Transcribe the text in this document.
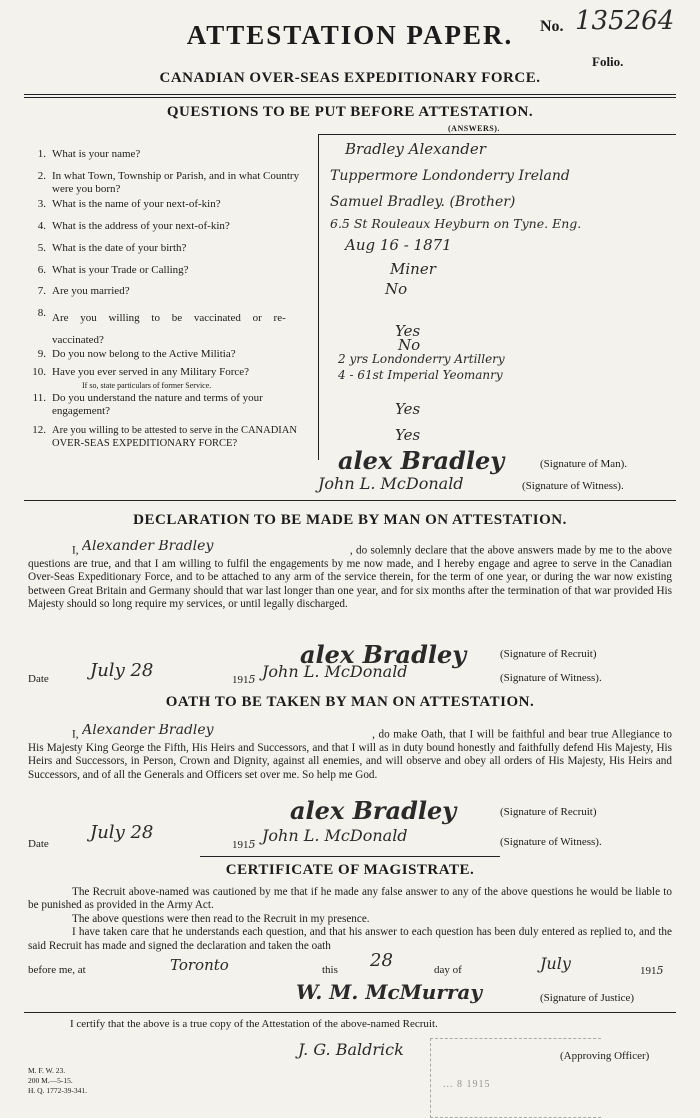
ATTESTATION PAPER.	No. 135264
Folio.
CANADIAN OVER-SEAS EXPEDITIONARY FORCE.
QUESTIONS TO BE PUT BEFORE ATTESTATION.
(ANSWERS).
1. What is your name?	Bradley Alexander
2. In what Town, Township or Parish, and in what Country were you born?
Tuppermore Londonderry Ireland
3. What is the name of your next-of-kin?	Samuel Bradley. (Brother)
4. What is the address of your next-of-kin?	6.5 St Rouleaux Heyburn on Tyne. Eng.
5. What is the date of your birth?	Aug 16 - 1871
6. What is your Trade or Calling?	Miner
7. Are you married?	No
8. Are you willing to be vaccinated or re-vaccinated?	Yes
9. Do you now belong to the Active Militia?	No
10. Have you ever served in any Military Force?
If so, state particulars of former Service.
2 yrs Londonderry Artillery
4 - 61st Imperial Yeomanry
11. Do you understand the nature and terms of your engagement?	Yes
12. Are you willing to be attested to serve in the CANADIAN OVER-SEAS EXPEDITIONARY FORCE?	Yes
alex Bradley	(Signature of Man).
John L. McDonald	(Signature of Witness).
DECLARATION TO BE MADE BY MAN ON ATTESTATION.

I, Alexander Bradley	, do solemnly declare that the above answers made by me to the above questions are true, and that I am willing to fulfil the engagements by me now made, and I hereby engage and agree to serve in the Canadian Over-Seas Expeditionary Force, and to be attached to any arm of the service therein, for the term of one year, or during the war now existing between Great Britain and Germany should that war last longer than one year, and for six months after the termination of that war provided His Majesty should so long require my services, or until legally discharged.

alex Bradley	(Signature of Recruit)
Date July 28	1915 John L. McDonald	(Signature of Witness).
OATH TO BE TAKEN BY MAN ON ATTESTATION.

I, Alexander Bradley	, do make Oath, that I will be faithful and bear true Allegiance to His Majesty King George the Fifth, His Heirs and Successors, and that I will as in duty bound honestly and faithfully defend His Majesty, His Heirs and Successors, in Person, Crown and Dignity, against all enemies, and will observe and obey all orders of His Majesty, His Heirs and Successors, and of all the Generals and Officers set over me. So help me God.

alex Bradley	(Signature of Recruit)
Date
July 28
1915 John L. McDonald	(Signature of Witness).
CERTIFICATE OF MAGISTRATE.

The Recruit above-named was cautioned by me that if he made any false answer to any of the above questions he would be liable to be punished as provided in the Army Act.

The above questions were then read to the Recruit in my presence.

I have taken care that he understands each question, and that his answer to each question has been duly entered as replied to, and the said Recruit has made and signed the declaration and taken the oath

before me, at	Toronto	this 28	day of	July	1915
W. M. McMurray	(Signature of Justice)
I certify that the above is a true copy of the Attestation of the above-named Recruit.
J. G. Baldrick	(Approving Officer)
M. F. W. 23.
200 M.—5-15.
H. Q. 1772-39-341.
... 8 1915
